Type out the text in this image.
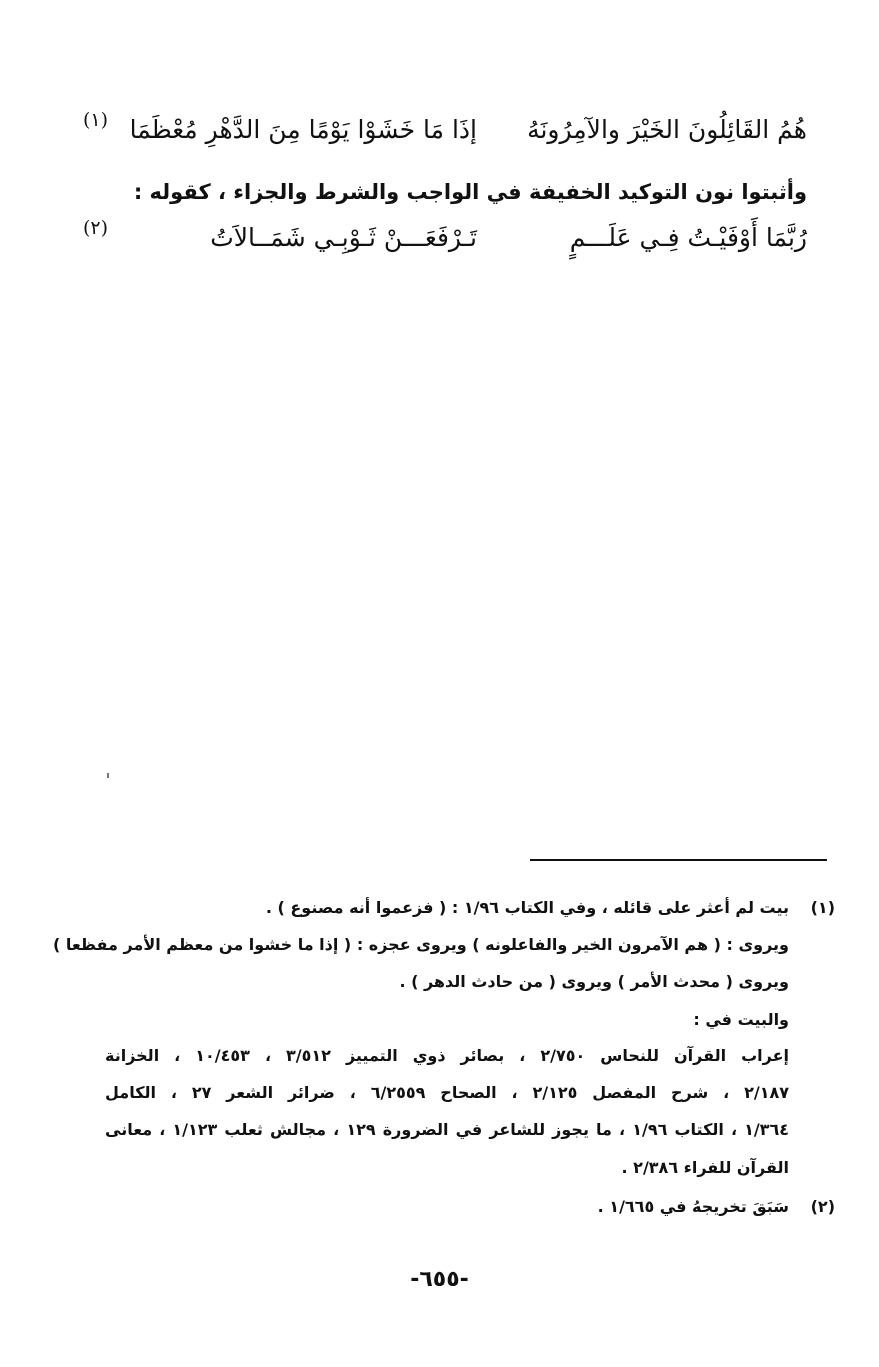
هُمُ القَائِلُونَ الخَيْرَ والآمِرُونَهُ
إذَا مَا خَشَوْا يَوْمًا مِنَ الدَّهْرِ مُعْظَمَا
(١)
وأثبتوا نون التوكيد الخفيفة في الواجب والشرط والجزاء ، كقوله :
رُبَّمَا أَوْفَيْـتُ فِـي عَلَـــمٍ
تَـرْفَعَـــنْ ثَـوْبِـي شَمَــالاَتُ
(٢)
(١)
بيت لم أعثر على قائله ، وفي الكتاب ١/٩٦ : ( فزعموا أنه مصنوع ) .
ويروى : ( هم الآمرون الخير والفاعلونه ) ويروى عجزه : ( إذا ما خشوا من معظم الأمر مفظعا )
ويروى ( محدث الأمر ) ويروى ( من حادث الدهر ) .
والبيت في :
إعراب القرآن للنحاس ٢/٧٥٠ ، بصائر ذوي التمييز ٣/٥١٢ ، ١٠/٤٥٣ ، الخزانة
٢/١٨٧ ، شرح المفصل ٢/١٢٥ ، الصحاح ٦/٢٥٥٩ ، ضرائر الشعر ٢٧ ، الكامل
١/٣٦٤ ، الكتاب ١/٩٦ ، ما يجوز للشاعر في الضرورة ١٢٩ ، مجالش ثعلب ١/١٢٣ ، معانى
القرآن للفراء ٢/٣٨٦ .
(٢)
سَبَقَ تخريجهُ في ١/٦٦٥ .
-٦٥٥-
